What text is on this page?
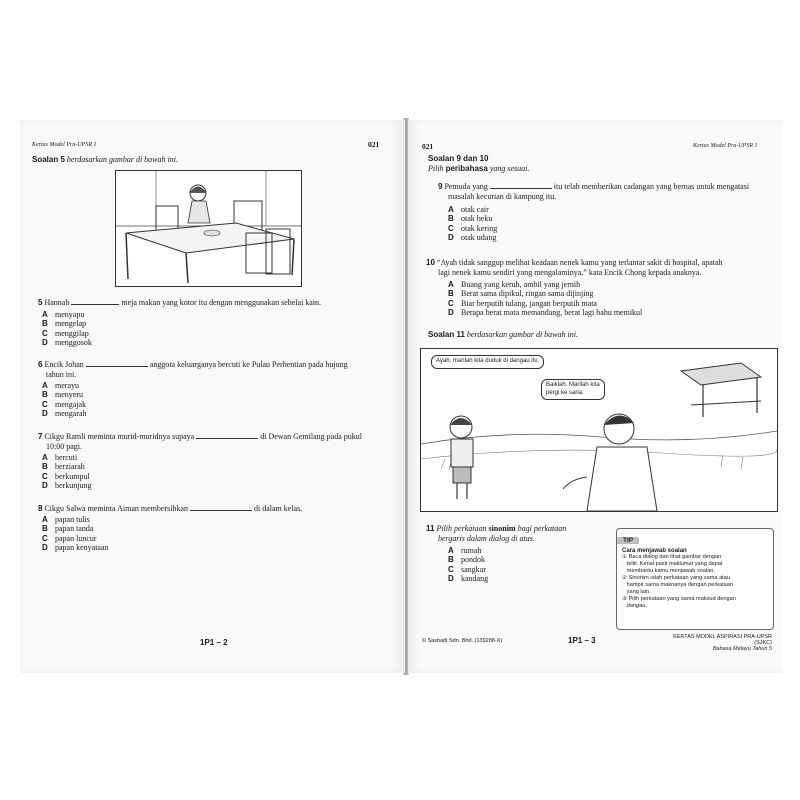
Kertas Model Pra-UPSR 1	021
Soalan 5 berdasarkan gambar di bawah ini.
5 Hannah	meja makan yang kotor itu dengan menggunakan sehelai kain.
A menyapu
B mengelap
C menggilap
D menggosok
6 Encik Johan	anggota keluarganya bercuti ke Pulau Perhentian pada hujung
tahun ini.
A merayu
B menyeru
C mengajak
D mengarah
7 Cikgu Ramli meminta murid-muridnya supaya	di Dewan Gemilang pada pukul
10:00 pagi.
A bercuti
B berziarah
C berkumpul
D berkunjung
8 Cikgu Salwa meminta Aiman membersihkan	di dalam kelas.
A papan tulis
B papan tanda
C papan luncur
D papan kenyataan
1P1 – 2
021	Kertas Model Pra-UPSR 1
Soalan 9 dan 10
Pilih peribahasa yang sesuai.
9 Pemuda yang	itu telah memberikan cadangan yang bernas untuk mengatasi
masalah kecurian di kampung itu.
A otak cair
B otak beku
C otak kering
D otak udang
10 “Ayah tidak sanggup melihat keadaan nenek kamu yang terlantar sakit di hospital, apatah
lagi nenek kamu sendiri yang mengalaminya,” kata Encik Chong kepada anaknya.
A Buang yang keruh, ambil yang jernih
B Berat sama dipikul, ringan sama dijinjing
C Biar berputih tulang, jangan berputih mata
D Berapa berat mata memandang, berat lagi bahu memikul
Soalan 11 berdasarkan gambar di bawah ini.
Ayah, marilah kita duduk di dangau itu.
Baiklah. Marilah kita
pergi ke sana.
11 Pilih perkataan sinonim bagi perkataan
bergaris dalam dialog di atas.
A rumah
B pondok
C sangkar
D kandang
TIP
Cara menjawab soalan
① Baca dialog dan lihat gambar dengan
teliti. Kenal pasti maklumat yang dapat
membantu kamu menjawab soalan.
② Sinonim ialah perkataan yang sama atau
hampir sama maknanya dengan perkataan
yang lain.
③ Pilih perkataan yang sama maksud dengan
dangau.
© Sasbadi Sdn. Bhd. (139288-X)	1P1 – 3	KERTAS MODEL ASPIRASI PRA-UPSR (SJKC)
Bahasa Melayu Tahun 5
